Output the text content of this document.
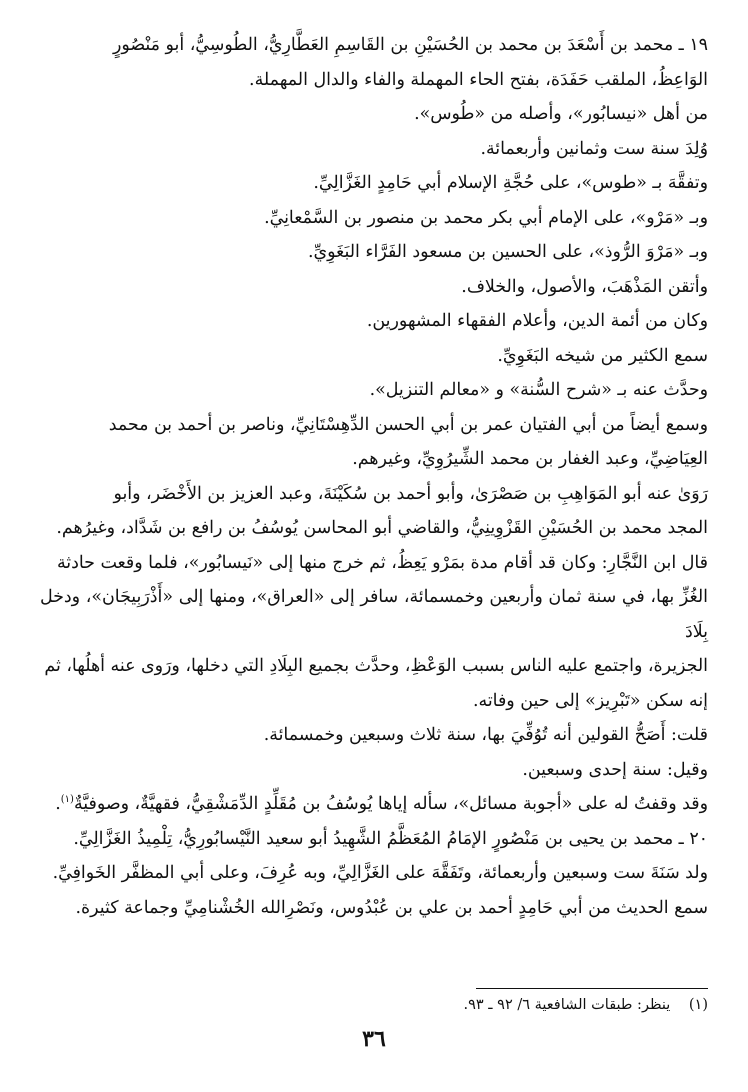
١٩ ـ محمد بن أَسْعَدَ بن محمد بن الحُسَيْنِ بن القَاسِمِ العَطَّارِيُّ، الطُوسِيُّ، أبو مَنْصُورٍ

الوَاعِظُ، الملقب حَفَدَة، بفتح الحاء المهملة والفاء والدال المهملة.

من أهل «نيسابُور»، وأصله من «طُوس».

وُلِدَ سنة ست وثمانين وأربعمائة.

وتفقَّهَ بـ «طوس»، على حُجَّةِ الإسلام أبي حَامِدٍ الغَزَّالِيِّ.

وبـ «مَرْو»، على الإمام أبي بكر محمد بن منصور بن السَّمْعانِيِّ.

وبـ «مَرْوَ الرُّوذ»، على الحسين بن مسعود الفَرَّاء البَغَوِيِّ.

وأتقن المَذْهَبَ، والأصول، والخلاف.

وكان من أئمة الدين، وأعلام الفقهاء المشهورين.

سمع الكثير من شيخه البَغَوِيِّ.

وحدَّث عنه بـ «شرح السُّنة» و «معالم التنزيل».

وسمع أيضاً من أبي الفتيان عمر بن أبي الحسن الدِّهِسْتَانِيِّ، وناصر بن أحمد بن محمد

العِيَاضِيِّ، وعبد الغفار بن محمد الشِّيرُوِيِّ، وغيرهم.

رَوَىٰ عنه أبو المَوَاهِبِ بن صَصْرَىٰ، وأبو أحمد بن سُكَيْنَةَ، وعبد العزيز بن الأَخْضَر، وأبو

المجد محمد بن الحُسَيْنِ القَزْوِينِيُّ، والقاضي أبو المحاسن يُوسُفُ بن رافع بن شَدَّاد، وغيرُهم.

قال ابن النَّجَّارِ: وكان قد أقام مدة بمَرْو يَعِظُ، ثم خرج منها إلى «نَيسابُور»، فلما وقعت حادثة

الغُزِّ بها، في سنة ثمان وأربعين وخمسمائة، سافر إلى «العراق»، ومنها إلى «أَذْرَبِيجَان»، ودخل بِلَادَ

الجزيرة، واجتمع عليه الناس بسبب الوَعْظِ، وحدَّث بجميع البِلَادِ التي دخلها، ورَوى عنه أهلُها، ثم

إنه سكن «تَبْرِيز» إلى حين وفاته.

قلت: أَصَحُّ القولين أنه تُوُفِّيَ بها، سنة ثلاث وسبعين وخمسمائة.

وقيل: سنة إحدى وسبعين.

وقد وقفتُ له على «أجوبة مسائل»، سأله إياها يُوسُفُ بن مُقَلِّدٍ الدِّمَشْقِيُّ، فقهيَّةٌ، وصوفيَّةٌ$^{(١)}$.

٢٠ ـ محمد بن يحيى بن مَنْصُورٍ الإمَامُ المُعَظَّمُ الشَّهِيدُ أبو سعيد النَّيْسابُورِيُّ، تِلْمِيذُ الغَزَّالِيِّ.

ولد سَنَةَ ست وسبعين وأربعمائة، وتَفَقَّهَ على الغَزَّالِيِّ، وبه عُرِفَ، وعلى أبي المظفَّر الخَوافِيِّ.

سمع الحديث من أبي حَامِدٍ أحمد بن علي بن عُبْدُوس، ونَصْرِالله الخُشْنامِيِّ وجماعة كثيرة.

(١) ينظر: طبقات الشافعية ٦/ ٩٢ ـ ٩٣.
٣٦
